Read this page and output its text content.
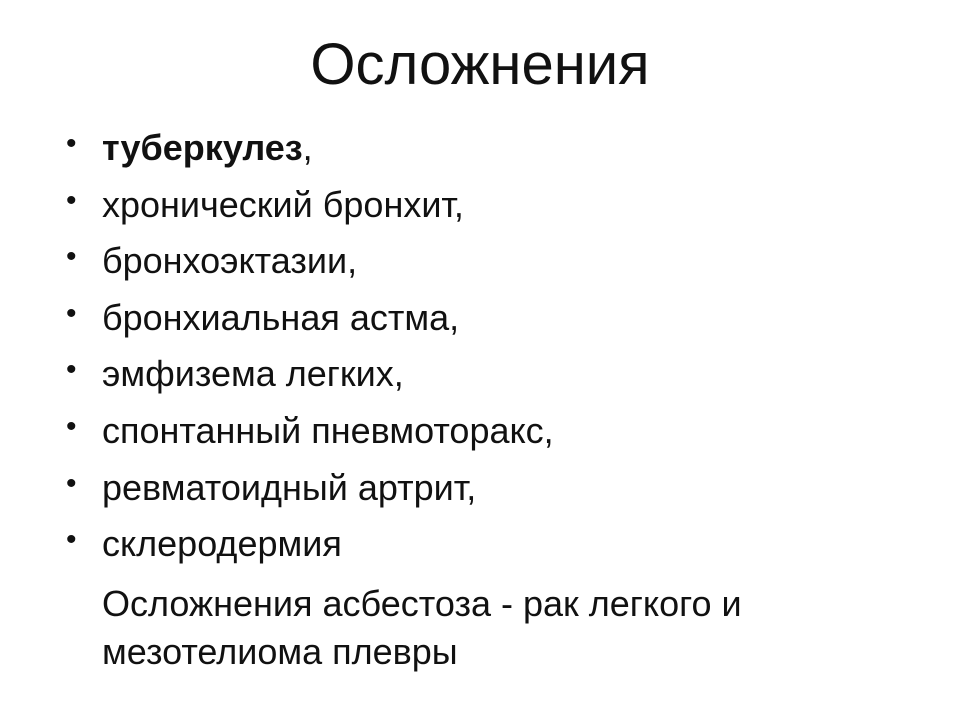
Осложнения
• туберкулез,
• хронический бронхит,
• бронхоэктазии,
• бронхиальная астма,
• эмфизема легких,
• спонтанный пневмоторакс,
• ревматоидный артрит,
• склеродермия
Осложнения асбестоза - рак легкого и
мезотелиома плевры
